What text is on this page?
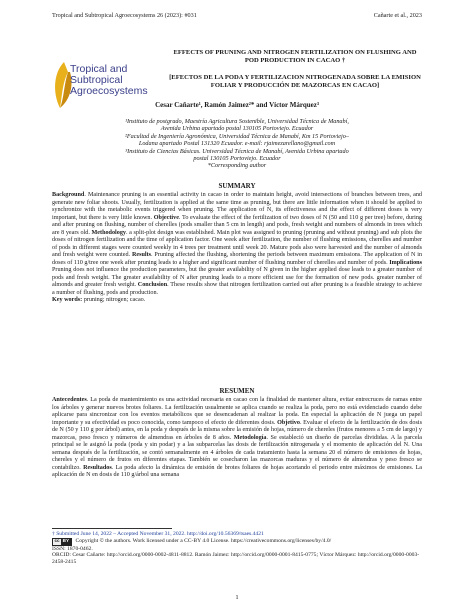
Tropical and Subtropical Agroecosystems 26 (2023): #031	Cañarte et al., 2023
Tropical and
Subtropical
Agroecosystems

EFFECTS OF PRUNING AND NITROGEN FERTILIZATION ON FLUSHING AND POD PRODUCTION IN CACAO †

[EFECTOS DE LA PODA Y FERTILIZACION NITROGENADA SOBRE LA EMISION FOLIAR Y PRODUCCIÓN DE MAZORCAS EN CACAO]

Cesar Cañarte¹, Ramón Jaimez²* and Víctor Márquez³

¹Instituto de postgrado, Maestría Agricultura Sostenible, Universidad Técnica de Manabí, Avenida Urbina apartado postal 130105 Portoviejo. Ecuador

²Facultad de Ingeniería Agronómica, Universidad Técnica de Manabí, Km 15 Portoviejo–Lodana apartado Postal 131320 Ecuador. e-mail: rjaimezarellano@gmail.com

³Instituto de Ciencias Básicas. Universidad Técnica de Manabí, Avenida Urbina apartado postal 130105 Portoviejo. Ecuador

*Corresponding author

SUMMARY
Background. Maintenance pruning is an essential activity in cacao in order to maintain height, avoid intersections of branches between trees, and generate new foliar shoots. Usually, fertilization is applied at the same time as pruning, but there are little information when it should be applied to synchronize with the metabolic events triggered when pruning. The application of N, its effectiveness and the effect of different doses is very important, but there is very little known. Objective. To evaluate the effect of the fertilization of two doses of N (50 and 110 g per tree) before, during and after pruning on flushing, number of cherelles (pods smaller than 5 cm in length) and pods, fresh weight and numbers of almonds in trees which are 8 years old. Methodology. a split-plot design was established. Main plot was assigned to pruning (pruning and without pruning) and sub plots the doses of nitrogen fertilization and the time of application factor. One week after fertilization, the number of flushing emissions, cherelles and number of pods in different stages were counted weekly in 4 trees per treatment until week 20. Mature pods also were harvested and the number of almonds and fresh weight were counted. Results. Pruning affected the flushing, shortening the periods between maximum emissions. The application of N in doses of 110 g/tree one week after pruning leads to a higher and significant number of flushing number of cherelles and number of pods. Implications Pruning does not influence the production parameters, but the greater availability of N given in the higher applied dose leads to a greater number of pods and fresh weight. The greater availability of N after pruning leads to a more efficient use for the formation of new pods. greater number of almonds and greater fresh weight. Conclusion. These results show that nitrogen fertilization carried out after pruning is a feasible strategy to achieve a number of flushing, pods and production.
Key words: pruning; nitrogen; cacao.
RESUMEN
Antecedentes. La poda de mantenimiento es una actividad necesaria en cacao con la finalidad de mantener altura, evitar entrecruces de ramas entre los árboles y generar nuevos brotes foliares. La fertilización usualmente se aplica cuando se realiza la poda, pero no está evidenciado cuando debe aplicarse para sincronizar con los eventos metabólicos que se desencadenan al realizar la poda. En especial la aplicación de N juega un papel importante y su efectividad es poco conocida, como tampoco el efecto de diferentes dosis. Objetivo. Evaluar el efecto de la fertilización de dos dosis de N (50 y 110 g por árbol) antes, en la poda y después de la misma sobre la emisión de hojas, número de chereles (frutos menores a 5 cm de largo) y mazorcas, peso fresco y números de almendras en árboles de 8 años. Metodología. Se estableció un diseño de parcelas divididas. A la parcela principal se le asignó la poda (poda y sin podar) y a las subparcelas las dosis de fertilización nitrogenada y el momento de aplicación del N. Una semana después de la fertilización, se contó semanalmente en 4 árboles de cada tratamiento hasta la semana 20 el número de emisiones de hojas, chereles y el número de frutos en diferentes etapas. También se cosecharon las mazorcas maduras y el número de almendras y peso fresco se contabilizo. Resultados. La poda afecto la dinámica de emisión de brotes foliares de hojas acortando el periodo entre máximos de emisiones. La aplicación de N en dosis de 110 g/árbol una semana

† Submitted June 14, 2022 – Accepted November 31, 2022. http://doi.org/10.56369/tsaes.4421

cc BY Copyright © the authors. Work licensed under a CC-BY 4.0 License. https://creativecommons.org/licenses/by/4.0/

ISSN: 1870-0462.

ORCID: Cesar Cañarte: http://orcid.org/0000-0002-4811-8812. Ramón Jaimez: http://orcid.org/0000-0001-8415-0775; Víctor Márquez: http://orcid.org/0000-0003-2458-2415

1
